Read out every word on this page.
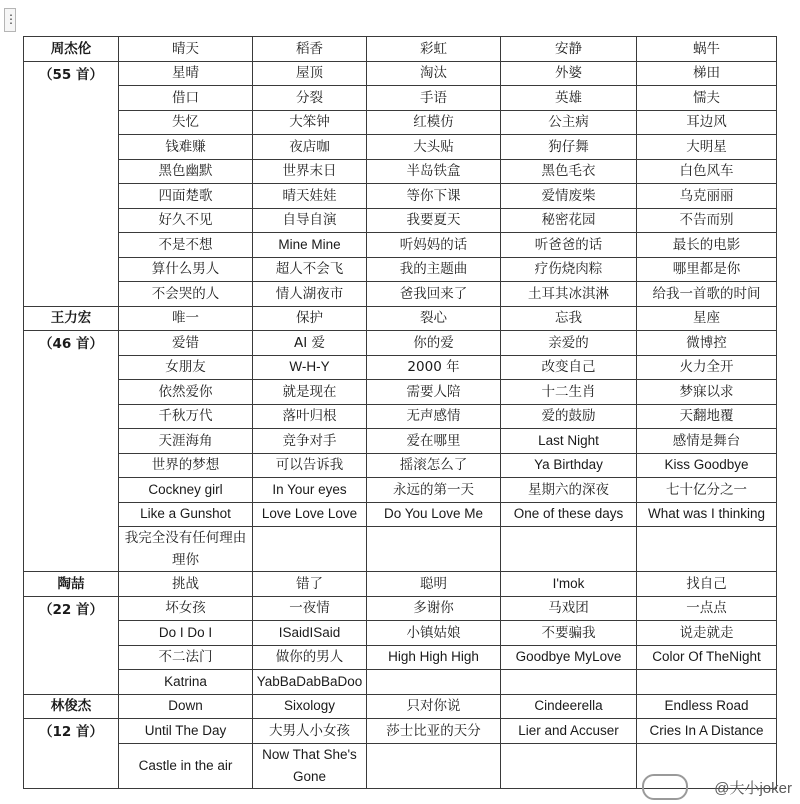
⋮
周杰伦	晴天	稻香	彩虹	安静	蜗牛
（55 首）	星晴	屋顶	淘汰	外婆	梯田
	借口	分裂	手语	英雄	懦夫
	失忆	大笨钟	红模仿	公主病	耳边风
	钱难赚	夜店咖	大头贴	狗仔舞	大明星
	黑色幽默	世界末日	半岛铁盒	黑色毛衣	白色风车
	四面楚歌	晴天娃娃	等你下课	爱情废柴	乌克丽丽
	好久不见	自导自演	我要夏天	秘密花园	不告而别
	不是不想	Mine Mine	听妈妈的话	听爸爸的话	最长的电影
	算什么男人	超人不会飞	我的主题曲	疗伤烧肉粽	哪里都是你
	不会哭的人	情人湖夜市	爸我回来了	土耳其冰淇淋	给我一首歌的时间
王力宏	唯一	保护	裂心	忘我	星座
（46 首）	爱错	AI 爱	你的爱	亲爱的	微博控
	女朋友	W-H-Y	2000 年	改变自己	火力全开
	依然爱你	就是现在	需要人陪	十二生肖	梦寐以求
	千秋万代	落叶归根	无声感情	爱的鼓励	天翻地覆
	天涯海角	竞争对手	爱在哪里	Last Night	感情是舞台
	世界的梦想	可以告诉我	摇滚怎么了	Ya Birthday	Kiss Goodbye
	Cockney girl	In Your eyes	永远的第一天	星期六的深夜	七十亿分之一
	Like a Gunshot	Love Love Love	Do You Love Me	One of these days	What was I thinking
	我完全没有任何理由理你				
陶喆	挑战	错了	聪明	I'mok	找自己
（22 首）	坏女孩	一夜情	多谢你	马戏团	一点点
	Do I Do I	ISaidISaid	小镇姑娘	不要骗我	说走就走
	不二法门	做你的男人	High High High	Goodbye MyLove	Color Of TheNight
	Katrina	YabBaDabBaDoo			
林俊杰	Down	Sixology	只对你说	Cindeerella	Endless Road
（12 首）	Until The Day	大男人小女孩	莎士比亚的天分	Lier and Accuser	Cries In A Distance
	Castle in the air	Now That She's Gone			
@大小joker
